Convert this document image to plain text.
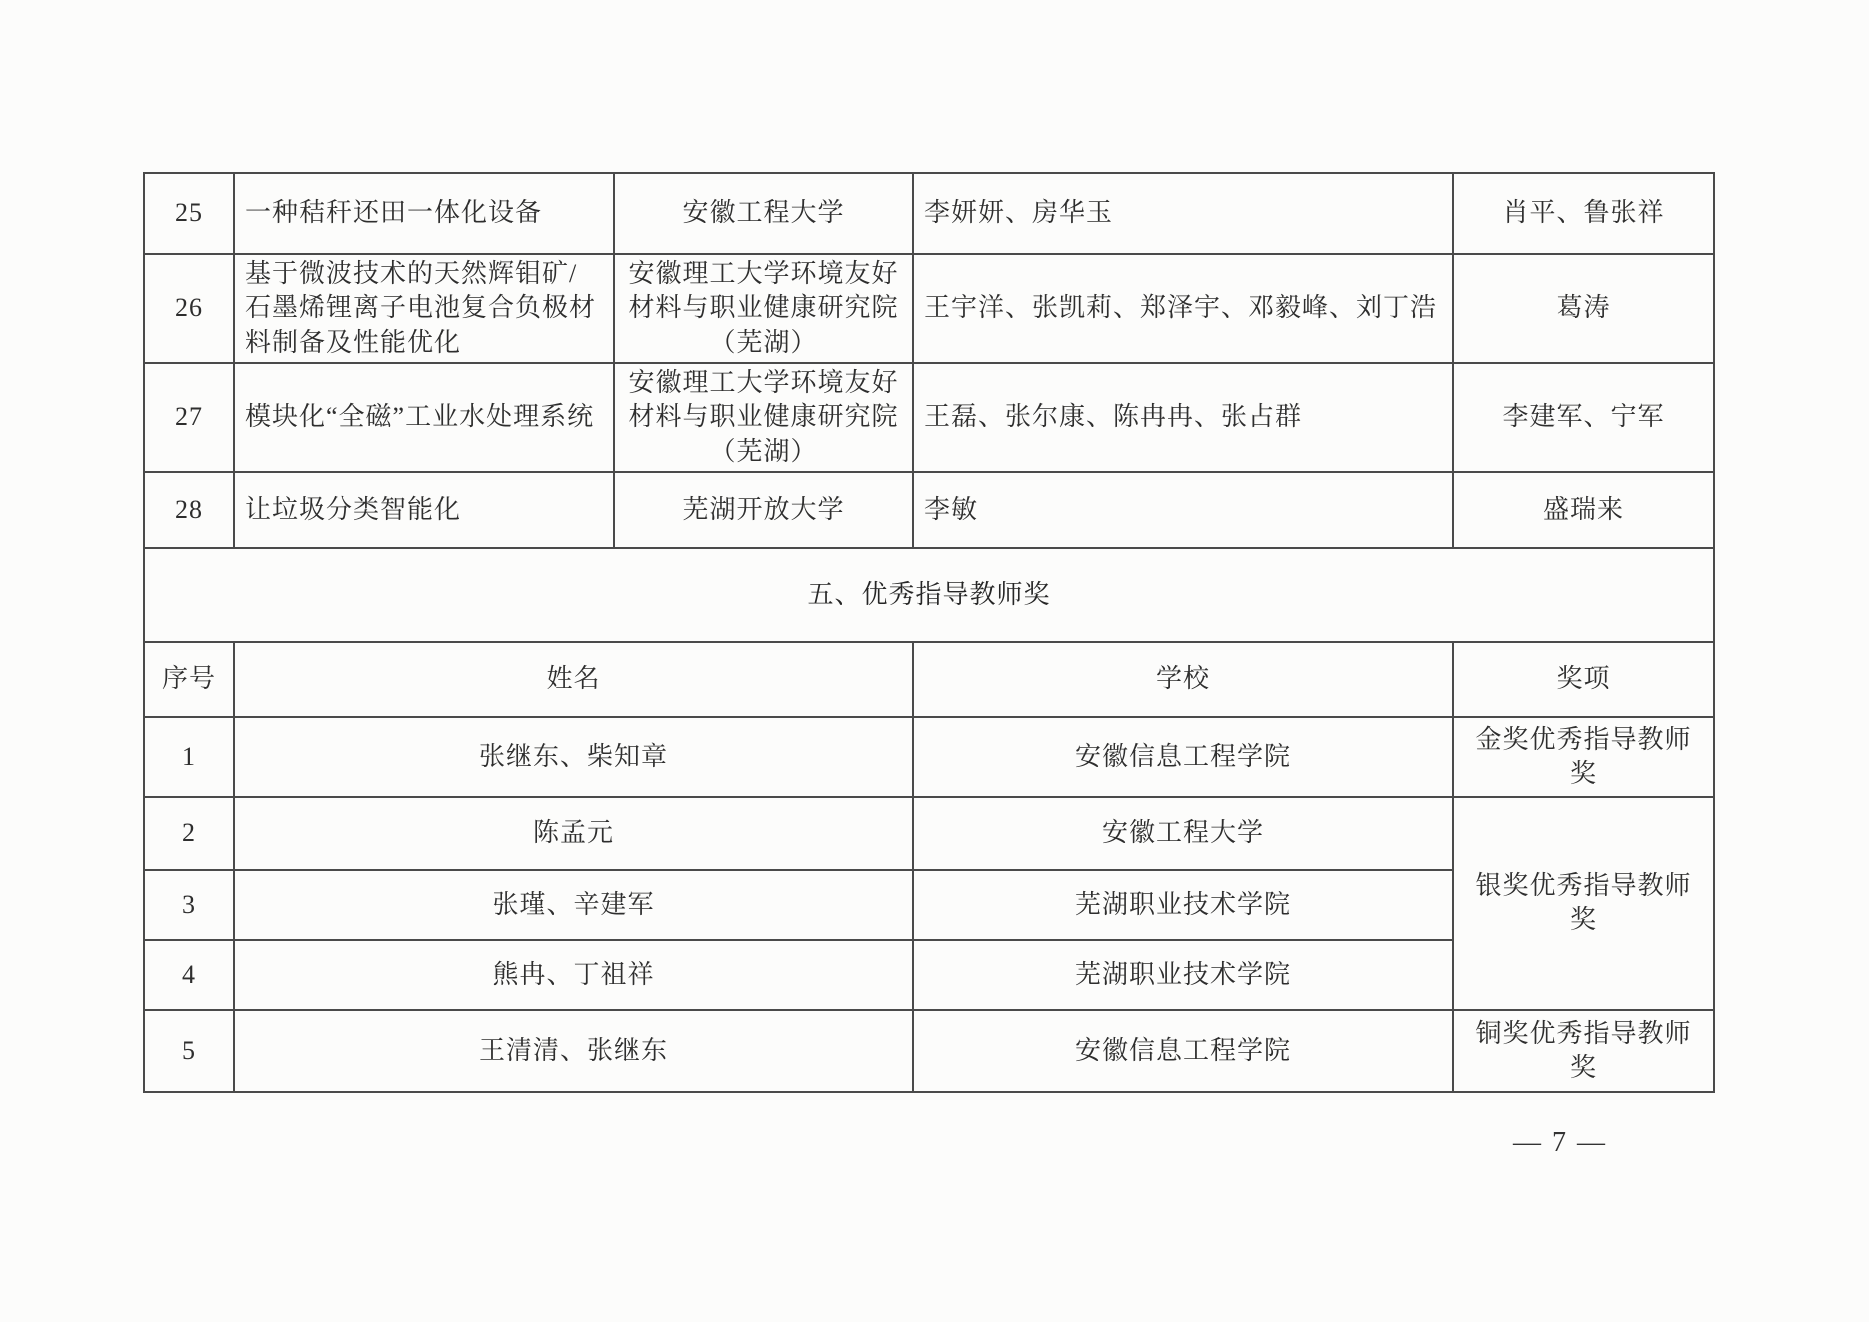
25	一种秸秆还田一体化设备	安徽工程大学	李妍妍、房华玉	肖平、鲁张祥
26	基于微波技术的天然辉钼矿/石墨烯锂离子电池复合负极材料制备及性能优化	安徽理工大学环境友好材料与职业健康研究院（芜湖）	王宇洋、张凯莉、郑泽宇、邓毅峰、刘丁浩	葛涛
27	模块化“全磁”工业水处理系统	安徽理工大学环境友好材料与职业健康研究院（芜湖）	王磊、张尔康、陈冉冉、张占群	李建军、宁军
28	让垃圾分类智能化	芜湖开放大学	李敏	盛瑞来
五、优秀指导教师奖				
序号	姓名		学校	奖项
1	张继东、柴知章		安徽信息工程学院	金奖优秀指导教师奖
2	陈孟元		安徽工程大学	银奖优秀指导教师奖
3	张瑾、辛建军		芜湖职业技术学院	
4	熊冉、丁祖祥		芜湖职业技术学院	
5	王清清、张继东		安徽信息工程学院	铜奖优秀指导教师奖
— 7 —
